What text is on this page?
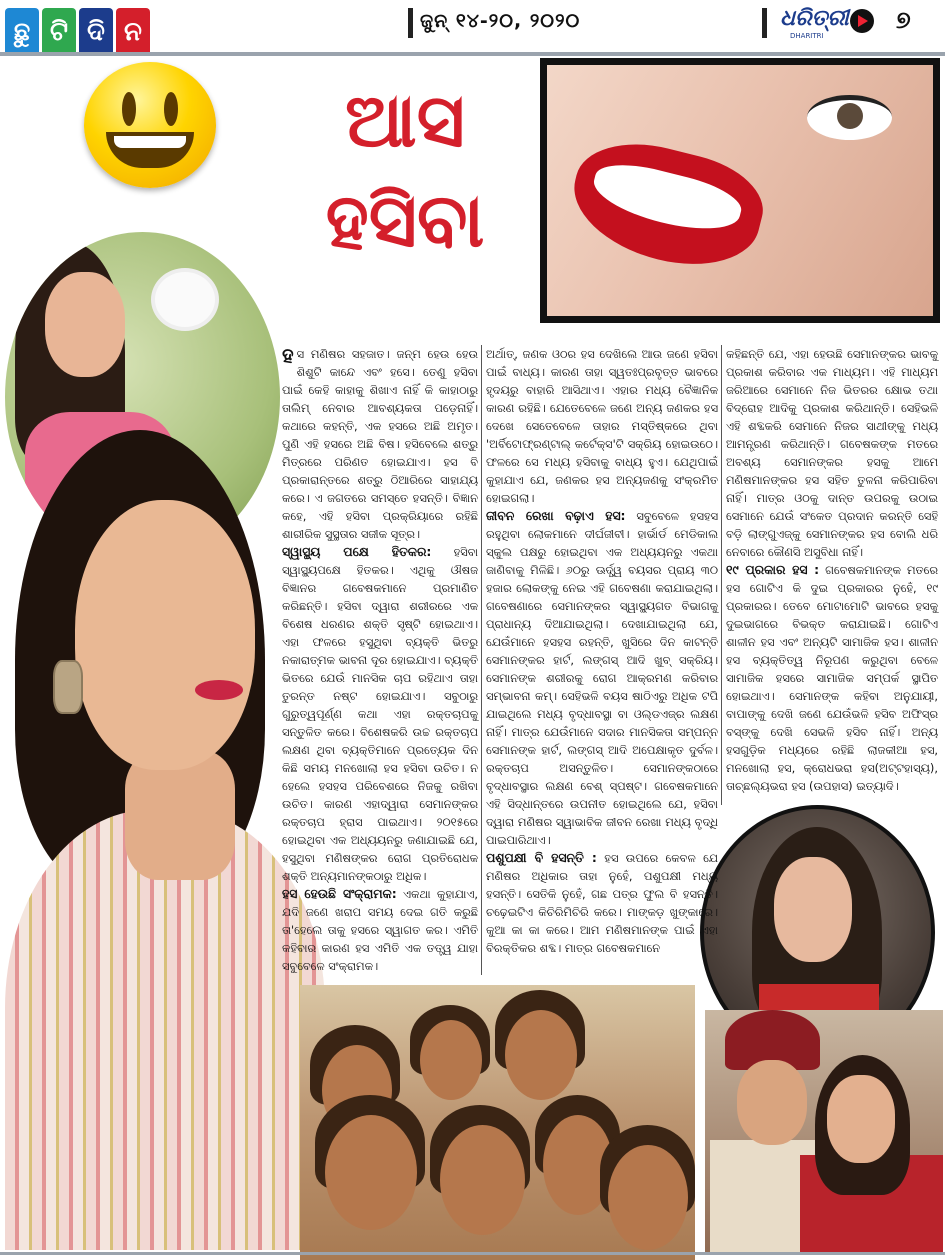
ଛୁ ଟି ଦି ନ	ଜୁନ୍ ୧୪-୨୦, ୨୦୨୦	ଧରିତ୍ରୀ
DHARITRI
୭
ଆସ
ହସିବା

ହସ ମଣିଷର ସହଜାତ। ଜନ୍ମ ହେଉ ହେଉ ଶିଶୁଟି କାନ୍ଦେ ଏବଂ ହସେ। ତେଣୁ ହସିବା ପାଇଁ କେହି କାହାକୁ ଶିଖାଏ ନାହିଁ କି କାହାଠାରୁ ତାଲିମ୍ ନେବାର ଆବଶ୍ୟକତା ପଡ଼େନାହିଁ। କଥାରେ କହନ୍ତି, ଏକ ହସରେ ଅଛି ଅମୃତ। ପୁଣି ଏହି ହସରେ ଅଛି ବିଷ। ହସିବେଲେ ଶତ୍ରୁ ମିତ୍ରରେ ପରିଣତ ହୋଇଯାଏ। ହସ ବି ପ୍ରକାରାନ୍ତରେ ଶତ୍ରୁ ଠିଆରିରେ ସାହାଯ୍ୟ କରେ। ଏ ଜଗତରେ ସମସ୍ତେ ହସନ୍ତି। ବିଜ୍ଞାନ କହେ, ଏହି ହସିବା ପ୍ରକ୍ରିୟାରେ ରହିଛି ଶାରୀରିକ ସୁସ୍ଥତାର ସଜୀକ ସୂତ୍ର।

ସ୍ୱାସ୍ଥ୍ୟ ପକ୍ଷେ ହିତକର: ହସିବା ସ୍ୱାସ୍ଥ୍ୟପକ୍ଷେ ହିତକର। ଏଥିକୁ ଔଷଜ ବିଜ୍ଞାନର ଗବେଷକମାନେ ପ୍ରମାଣିତ କରିଛନ୍ତି। ହସିବା ଦ୍ୱାରା ଶରୀରରେ ଏକ ବିଶେଷ ଧରଣର ଶକ୍ତି ସୃଷ୍ଟି ହୋଇଥାଏ। ଏହା ଫଳରେ ହସୁଥିବା ବ୍ୟକ୍ତି ଭିତରୁ ନକାରାତ୍ମକ ଭାବନା ଦୂର ହୋଇଯାଏ। ବ୍ୟକ୍ତି ଭିତରେ ଯେଉଁ ମାନସିକ ଚାପ ରହିଥାଏ ତାହା ତୁରନ୍ତ ନଷ୍ଟ ହୋଇଯାଏ। ସବୁଠାରୁ ଗୁରୁତ୍ୱପୂର୍ଣ୍ଣ କଥା ଏହା ରକ୍ତଚାପକୁ ସନ୍ତୁଳିତ କରେ। ବିଶେଷକରି ଉଚ୍ଚ ରକ୍ତଚାପ ଲକ୍ଷଣ ଥିବା ବ୍ୟକ୍ତିମାନେ ପ୍ରତ୍ୟେକ ଦିନ କିଛି ସମୟ ମନଖୋଲା ହସ ହସିବା ଉଚିତ। ନ ହେଲେ ହସହସ ପରିବେଶରେ ନିଜକୁ ରଖିବା ଉଚିତ। କାରଣ ଏହାଦ୍ୱାରା ସେମାନଙ୍କର ରକ୍ତଚାପ ହ୍ରାସ ପାଇଥାଏ। ୨୦୧୫ରେ ହୋଇଥିବା ଏକ ଅଧ୍ୟୟନରୁ ଜଣାଯାଇଛି ଯେ, ହସୁଥିବା ମଣିଷଙ୍କର ରୋଗ ପ୍ରତିରୋଧକ ଶକ୍ତି ଅନ୍ୟମାନଙ୍କଠାରୁ ଅଧିକ।

ହସ ହେଉଛି ସଂକ୍ରାମକ: ଏକଥା କୁହାଯାଏ, ଯଦି ଜଣେ ଖରାପ ସମୟ ଦେଇ ଗତି କରୁଛି ତା'ହେଲେ ତାକୁ ହସରେ ସ୍ୱାଗତ କର। ଏମିତି କହିବାର କାରଣ ହସ ଏମିତି ଏକ ତତ୍ତ୍ୱ ଯାହା ସବୁବେଳେ ସଂକ୍ରାମକ।

ଅର୍ଥାତ୍, ଜଣକ ଓଠର ହସ ଦେଖିଲେ ଆଉ ଜଣେ ହସିବା ପାଇଁ ବାଧ୍ୟ। କାରଣ ତାହା ସ୍ୱତଃପ୍ରବୃତ୍ତ ଭାବରେ ହୃଦୟରୁ ବାହାରି ଆସିଥାଏ। ଏହାର ମଧ୍ୟ ବୈଜ୍ଞାନିକ କାରଣ ରହିଛି। ଯେତେବେଳେ ଜଣେ ଅନ୍ୟ ଜଣକର ହସ ଦେଖେ ସେତେବେଳେ ତାହାର ମସ୍ତିଷ୍କରେ ଥିବା 'ଅର୍ବିଟୋଫ୍ରଣ୍ଟାଲ୍ କର୍ଟେକ୍ସ'ଟି ସକ୍ରିୟ ହୋଇଉଠେ। ଫଳରେ ସେ ମଧ୍ୟ ହସିବାକୁ ବାଧ୍ୟ ହୁଏ। ଯେଥିପାଇଁ କୁହାଯାଏ ଯେ, ଜଣକର ହସ ଅନ୍ୟଜଣକୁ ସଂକ୍ରମିତ ହୋଇଗଲା।

ଜୀବନ ରେଖା ବଢ଼ାଏ ହସ: ସବୁବେଳେ ହସହସ ରହୁଥିବା ଲୋକମାନେ ଦୀର୍ଘଜୀବୀ। ହାର୍ଭାର୍ଡ ମେଡିକାଲ ସ୍କୁଲ ପକ୍ଷରୁ ହୋଇଥିବା ଏକ ଅଧ୍ୟୟନରୁ ଏକଥା ଜାଣିବାକୁ ମିଳିଛି। ୬୦ରୁ ଊର୍ଦ୍ଧ୍ୱ ବୟସର ପ୍ରାୟ ୩୦ ହଜାର ଲୋକଙ୍କୁ ନେଇ ଏହି ଗବେଷଣା କରାଯାଇଥିଲା। ଗବେଷଣାରେ ସେମାନଙ୍କର ସ୍ୱାସ୍ଥ୍ୟଗତ ବିଭାଗକୁ ପ୍ରାଧାନ୍ୟ ଦିଆଯାଇଥିଲା। ଦେଖାଯାଇଥିଲା ଯେ, ଯେଉଁମାନେ ହସହସ ରହନ୍ତି, ଖୁସିରେ ଦିନ କାଟନ୍ତି ସେମାନଙ୍କର ହାର୍ଟ, ଲଙ୍ଗସ୍ ଆଦି ଖୁବ୍ ସକ୍ରିୟ। ସେମାନଙ୍କ ଶରୀରକୁ ରୋଗ ଆକ୍ରମଣ କରିବାର ସମ୍ଭାବନା କମ୍। ସେହିଭଳି ବୟସ ଷାଠିଏରୁ ଅଧିକ ଟପି ଯାଇଥିଲେ ମଧ୍ୟ ବୃଦ୍ଧାବସ୍ଥା ବା ଓଲ୍ଡଏଜ୍‌ର ଲକ୍ଷଣ ନାହିଁ। ମାତ୍ର ଯେଉଁମାନେ ସଦାର ମାନସିକତା ସମ୍ପନ୍ନ ସେମାନଙ୍କ ହାର୍ଟ, ଲଙ୍ଗସ୍ ଆଦି ଅପେକ୍ଷାକୃତ ଦୁର୍ବଳ। ରକ୍ତଚାପ ଅସନ୍ତୁଳିତ। ସେମାନଙ୍କଠାରେ ବୃଦ୍ଧାବସ୍ଥାର ଲକ୍ଷଣ ବେଶ୍ ସ୍ପଷ୍ଟ। ଗବେଷକମାନେ ଏହି ସିଦ୍ଧାନ୍ତରେ ଉପନୀତ ହୋଇଥିଲେ ଯେ, ହସିବା ଦ୍ୱାରା ମଣିଷର ସ୍ୱାଭାବିକ ଜୀବନ ରେଖା ମଧ୍ୟ ବୃଦ୍ଧି ପାଇପାରିଥାଏ।

ପଶୁପକ୍ଷୀ ବି ହସନ୍ତି : ହସ ଉପରେ କେବଳ ଯେ ମଣିଷର ଅଧିକାର ତାହା ନୁହେଁ, ପଶୁପକ୍ଷୀ ମଧ୍ୟ ହସନ୍ତି। ସେତିକି ନୁହେଁ, ଗଛ ପତ୍ର ଫୁଲ ବି ହସନ୍ତି। ଚଢ଼େଇଟିଏ କିଚିରିମିଚିରି କରେ। ମାଙ୍କଡ଼ ଖୁଙ୍କାରେ। କୁଆ କା କା କରେ। ଆମ ମଣିଷମାନଙ୍କ ପାଇଁ ଏହା ବିରକ୍ତିକର ଶବ୍ଦ। ମାତ୍ର ଗବେଷକମାନେ

କହିଛନ୍ତି ଯେ, ଏହା ହେଉଛି ସେମାନଙ୍କର ଭାବକୁ ପ୍ରକାଶ କରିବାର ଏକ ମାଧ୍ୟମ। ଏହି ମାଧ୍ୟମ ଜରିଆରେ ସେମାନେ ନିଜ ଭିତରର କ୍ଷୋଭ ତଥା ବିଦ୍ରୋହ ଆଦିକୁ ପ୍ରକାଶ କରିଥାନ୍ତି। ସେହିଭଳି ଏହି ଶବ୍ଦକରି ସେମାନେ ନିଜର ସାଥୀଙ୍କୁ ମଧ୍ୟ ଆମନ୍ତ୍ରଣ କରିଥାନ୍ତି। ଗବେଷକଙ୍କ ମତରେ ଅବଶ୍ୟ ସେମାନଙ୍କର ହସକୁ ଆମେ ମଣିଷମାନଙ୍କର ହସ ସହିତ ତୁଳନା କରିପାରିବା ନାହିଁ। ମାତ୍ର ଓଠକୁ ଦାନ୍ତ ଉପରକୁ ଉଠାଇ ସେମାନେ ଯେଉଁ ସଂକେତ ପ୍ରଦାନ କରନ୍ତି ସେହି ବଡ଼ି ଲାଙ୍ଗୁଏଜ୍‌କୁ ସେମାନଙ୍କର ହସ ବୋଲି ଧରି ନେବାରେ କୌଣସି ଅସୁବିଧା ନାହିଁ।

୧୯ ପ୍ରକାର ହସ : ଗବେଷକମାନଙ୍କ ମତରେ ହସ ଗୋଟିଏ କି ଦୁଇ ପ୍ରକାରର ନୁହେଁ, ୧୯ ପ୍ରକାରର। ତେବେ ମୋଟାମୋଟି ଭାବରେ ହସକୁ ଦୁଇଭାଗରେ ବିଭକ୍ତ କରାଯାଇଛି। ଗୋଟିଏ ଶାଳୀନ ହସ ଏବଂ ଅନ୍ୟଟି ସାମାଜିକ ହସ। ଶାଳୀନ ହସ ବ୍ୟକ୍ତିତ୍ୱ ନିରୂପଣ କରୁଥିବା ବେଳେ ସାମାଜିକ ହସରେ ସାମାଜିକ ସମ୍ପର୍କ ସ୍ଥାପିତ ହୋଇଥାଏ। ସେମାନଙ୍କ କହିବା ଅନୁଯାୟୀ, ବାପାଙ୍କୁ ଦେଖି ଜଣେ ଯେଉଁଭଳି ହସିବ ଅଫିସ୍‌ର ବସ୍‌ଙ୍କୁ ଦେଖି ସେଭଳି ହସିବ ନାହିଁ। ଅନ୍ୟ ହସଗୁଡ଼ିକ ମଧ୍ୟରେ ରହିଛି ଲାଜକୀଆ ହସ, ମନଖୋଲା ହସ, କ୍ରୋଧଭରା ହସ(ଅଟ୍ଟହାସ୍ୟ), ତାଚ୍ଛଲ୍ୟଭରା ହସ (ଉପହାସ) ଇତ୍ୟାଦି।
